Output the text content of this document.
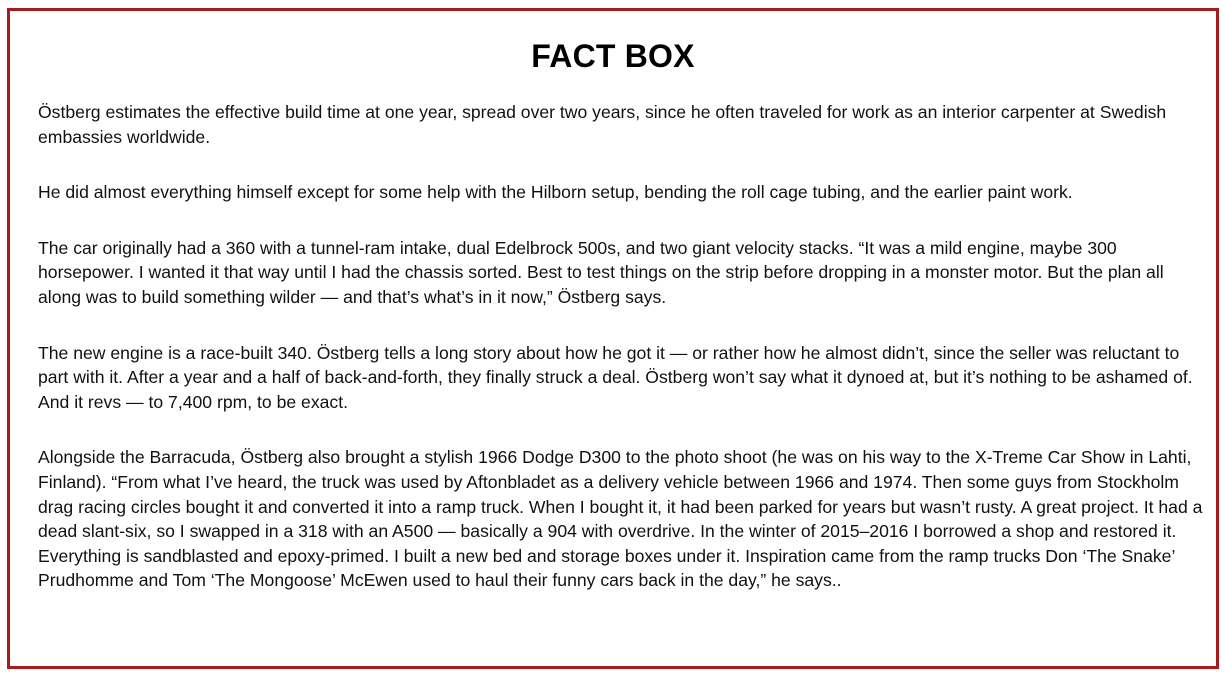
FACT BOX

Östberg estimates the effective build time at one year, spread over two years, since he often traveled for work as an interior carpenter at Swedish embassies worldwide.

He did almost everything himself except for some help with the Hilborn setup, bending the roll cage tubing, and the earlier paint work.

The car originally had a 360 with a tunnel-ram intake, dual Edelbrock 500s, and two giant velocity stacks. “It was a mild engine, maybe 300 horsepower. I wanted it that way until I had the chassis sorted. Best to test things on the strip before dropping in a monster motor. But the plan all along was to build something wilder — and that’s what’s in it now,” Östberg says.

The new engine is a race-built 340. Östberg tells a long story about how he got it — or rather how he almost didn’t, since the seller was reluctant to part with it. After a year and a half of back-and-forth, they finally struck a deal. Östberg won’t say what it dynoed at, but it’s nothing to be ashamed of. And it revs — to 7,400 rpm, to be exact.

Alongside the Barracuda, Östberg also brought a stylish 1966 Dodge D300 to the photo shoot (he was on his way to the X-Treme Car Show in Lahti, Finland). “From what I’ve heard, the truck was used by Aftonbladet as a delivery vehicle between 1966 and 1974. Then some guys from Stockholm drag racing circles bought it and converted it into a ramp truck. When I bought it, it had been parked for years but wasn’t rusty. A great project. It had a dead slant-six, so I swapped in a 318 with an A500 — basically a 904 with overdrive. In the winter of 2015–2016 I borrowed a shop and restored it. Everything is sandblasted and epoxy-primed. I built a new bed and storage boxes under it. Inspiration came from the ramp trucks Don ‘The Snake’ Prudhomme and Tom ‘The Mongoose’ McEwen used to haul their funny cars back in the day,” he says..
